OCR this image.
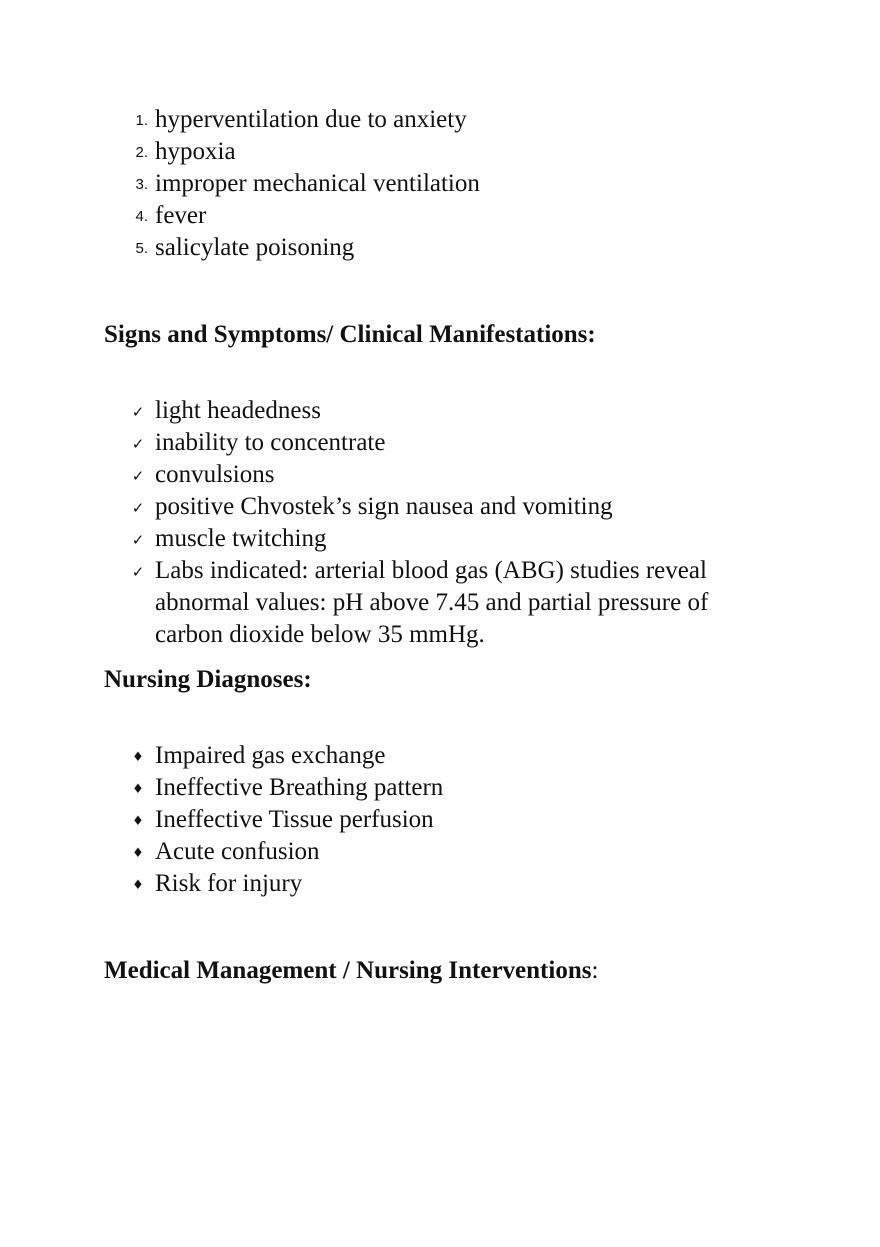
1. hyperventilation due to anxiety
2. hypoxia
3. improper mechanical ventilation
4. fever
5. salicylate poisoning
Signs and Symptoms/ Clinical Manifestations:
✓ light headedness
✓ inability to concentrate
✓ convulsions
✓ positive Chvostek’s sign nausea and vomiting
✓ muscle twitching
✓ Labs indicated: arterial blood gas (ABG) studies reveal abnormal values: pH above 7.45 and partial pressure of carbon dioxide below 35 mmHg.
Nursing Diagnoses:
♦ Impaired gas exchange
♦ Ineffective Breathing pattern
♦ Ineffective Tissue perfusion
♦ Acute confusion
♦ Risk for injury
Medical Management / Nursing Interventions:
